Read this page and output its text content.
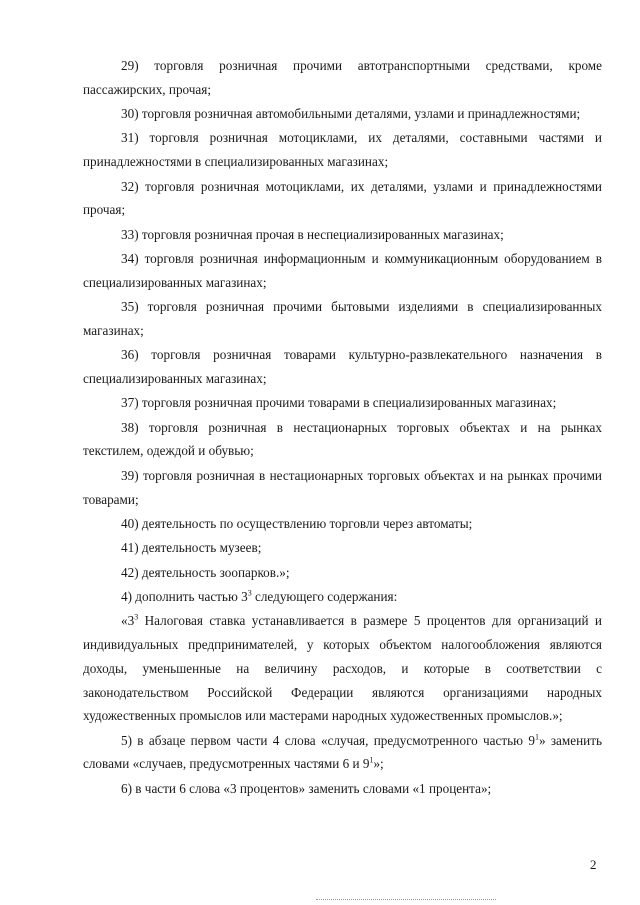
29) торговля розничная прочими автотранспортными средствами, кроме пассажирских, прочая;

30) торговля розничная автомобильными деталями, узлами и принадлежностями;

31) торговля розничная мотоциклами, их деталями, составными частями и принадлежностями в специализированных магазинах;

32) торговля розничная мотоциклами, их деталями, узлами и принадлежностями прочая;

33) торговля розничная прочая в неспециализированных магазинах;

34) торговля розничная информационным и коммуникационным оборудованием в специализированных магазинах;

35) торговля розничная прочими бытовыми изделиями в специализированных магазинах;

36) торговля розничная товарами культурно-развлекательного назначения в специализированных магазинах;

37) торговля розничная прочими товарами в специализированных магазинах;

38) торговля розничная в нестационарных торговых объектах и на рынках текстилем, одеждой и обувью;

39) торговля розничная в нестационарных торговых объектах и на рынках прочими товарами;

40) деятельность по осуществлению торговли через автоматы;

41) деятельность музеев;

42) деятельность зоопарков.»;

4) дополнить частью $3^3$ следующего содержания:

«$3^3$ Налоговая ставка устанавливается в размере 5 процентов для организаций и индивидуальных предпринимателей, у которых объектом налогообложения являются доходы, уменьшенные на величину расходов, и которые в соответствии с законодательством Российской Федерации являются организациями народных художественных промыслов или мастерами народных художественных промыслов.»;

5) в абзаце первом части 4 слова «случая, предусмотренного частью $9^1$» заменить словами «случаев, предусмотренных частями 6 и $9^1$»;

6) в части 6 слова «3 процентов» заменить словами «1 процента»;

2
